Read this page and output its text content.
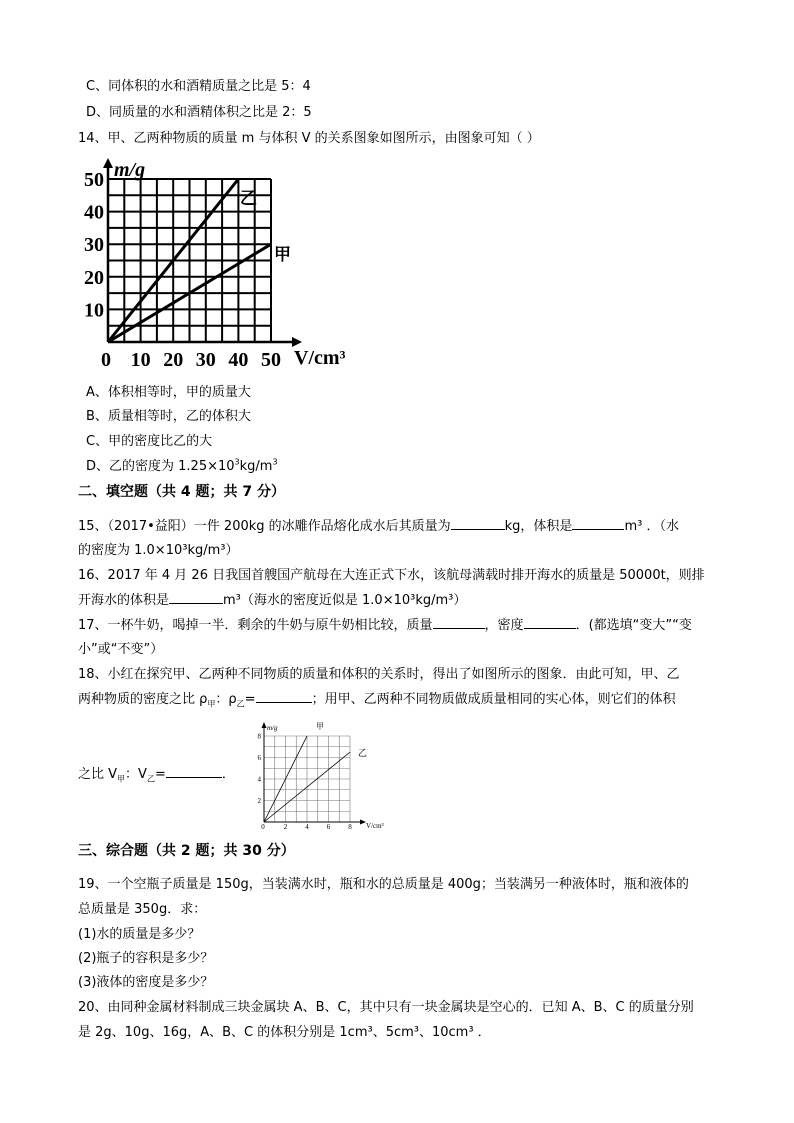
C、同体积的水和酒精质量之比是 5：4
D、同质量的水和酒精体积之比是 2：5
14、甲、乙两种物质的质量 m 与体积 V 的关系图象如图所示，由图象可知（ ）
m/g
V/cm³
10
20
30
40
50
0 10 20 30 40 50
乙
甲
A、体积相等时，甲的质量大
B、质量相等时，乙的体积大
C、甲的密度比乙的大
D、乙的密度为 $1.25\times 10^3kg/m^3$
二、填空题（共 4 题；共 7 分）
15、（2017•益阳）一件 200kg 的冰雕作品熔化成水后其质量为	kg，体积是	m³ ．（水
的密度为 1.0×10³kg/m³）
16、2017 年 4 月 26 日我国首艘国产航母在大连正式下水，该航母满载时排开海水的质量是 50000t，则排
开海水的体积是	m³（海水的密度近似是 1.0×10³kg/m³）
17、一杯牛奶，喝掉一半．剩余的牛奶与原牛奶相比较，质量	，密度	．(都选填“变大”“变
小”或“不变”）
18、小红在探究甲、乙两种不同物质的质量和体积的关系时，得出了如图所示的图象．由此可知，甲、乙
两种物质的密度之比 $\rho_甲$：$\rho_乙=$	；用甲、乙两种不同物质做成质量相同的实心体，则它们的体积
之比 $V_甲$：$V_乙=$	．
m/g
V/cm³
2
4
6
8
0	2	4	6	8
甲
乙
三、综合题（共 2 题；共 30 分）
19、一个空瓶子质量是 150g，当装满水时，瓶和水的总质量是 400g；当装满另一种液体时，瓶和液体的
总质量是 350g．求：
(1)水的质量是多少？
(2)瓶子的容积是多少？
(3)液体的密度是多少？
20、由同种金属材料制成三块金属块 A、B、C，其中只有一块金属块是空心的．已知 A、B、C 的质量分别
是 2g、10g、16g，A、B、C 的体积分别是 1cm³、5cm³、10cm³ ．
